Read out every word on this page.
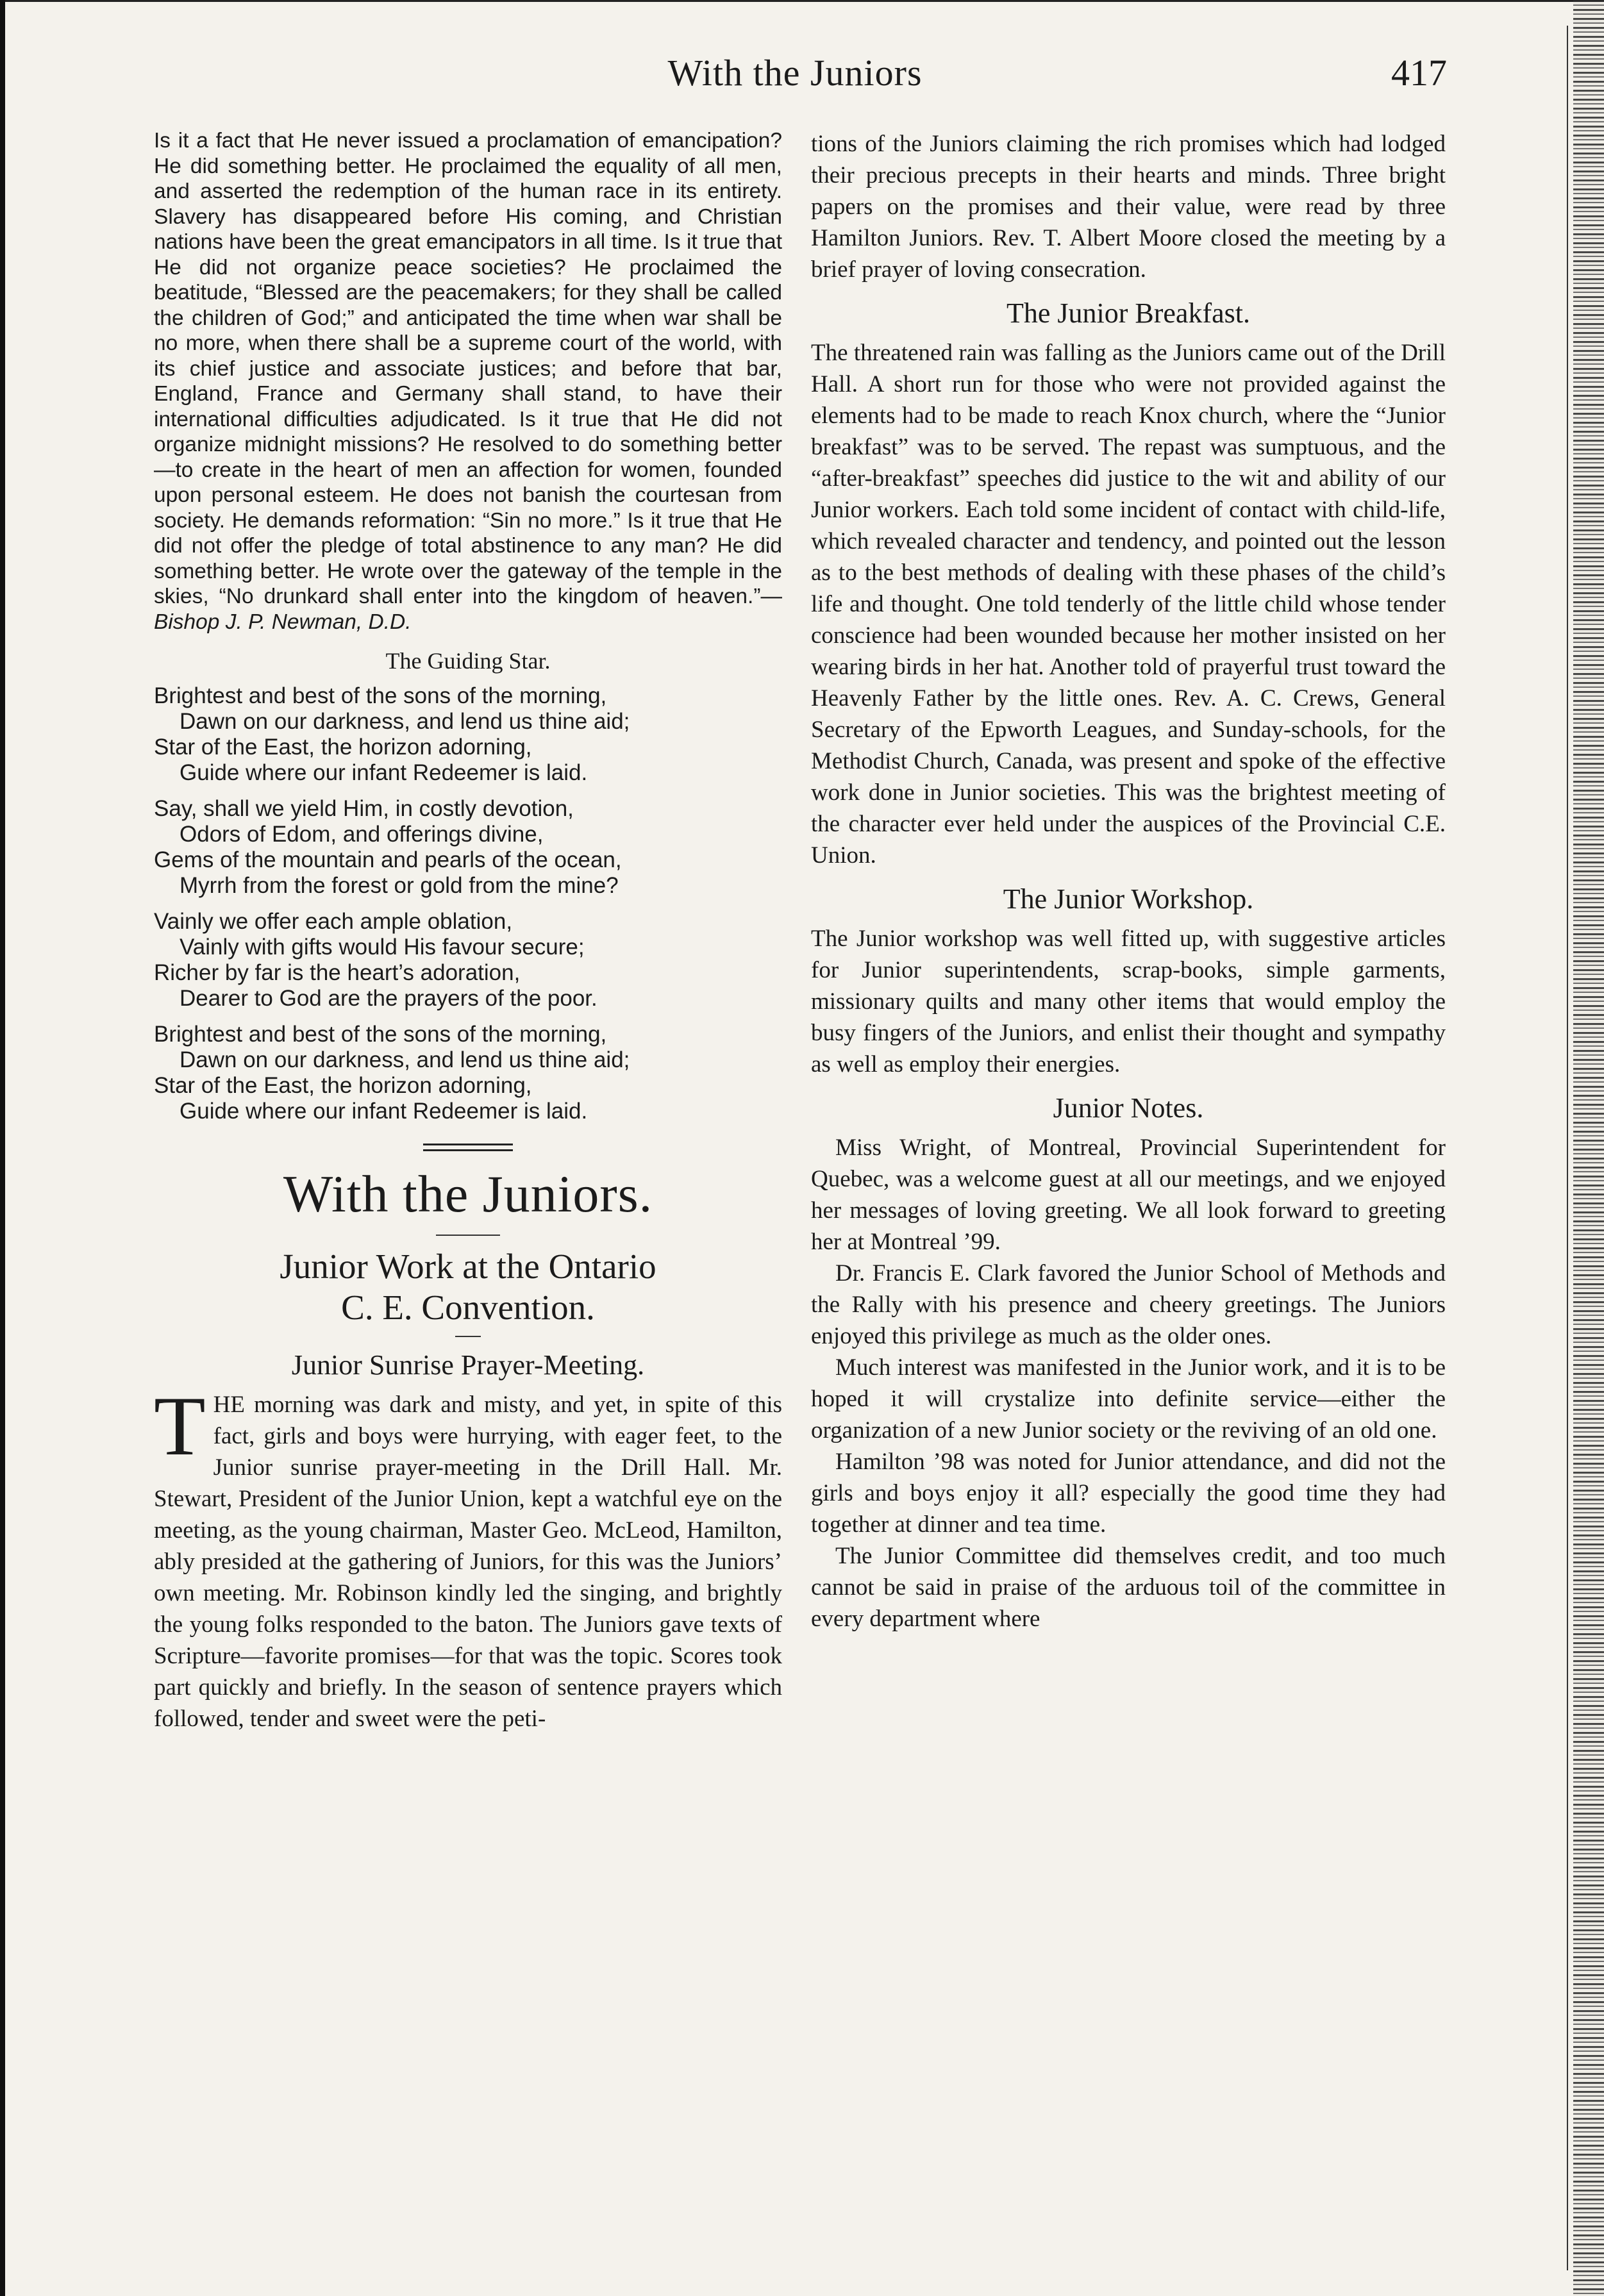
With the Juniors	417

Is it a fact that He never issued a proclamation of emancipation? He did something better. He proclaimed the equality of all men, and asserted the redemption of the human race in its entirety. Slavery has disappeared before His coming, and Christian nations have been the great emancipators in all time. Is it true that He did not organize peace societies? He proclaimed the beatitude, “Blessed are the peacemakers; for they shall be called the children of God;” and anticipated the time when war shall be no more, when there shall be a supreme court of the world, with its chief justice and associate justices; and before that bar, England, France and Germany shall stand, to have their international difficulties adjudicated. Is it true that He did not organize midnight missions? He resolved to do something better—to create in the heart of men an affection for women, founded upon personal esteem. He does not banish the courtesan from society. He demands reformation: “Sin no more.” Is it true that He did not offer the pledge of total abstinence to any man? He did something better. He wrote over the gateway of the temple in the skies, “No drunkard shall enter into the kingdom of heaven.”—Bishop J. P. Newman, D.D.

The Guiding Star.
Brightest and best of the sons of the morning,
Dawn on our darkness, and lend us thine aid;
Star of the East, the horizon adorning,
Guide where our infant Redeemer is laid.
Say, shall we yield Him, in costly devotion,
Odors of Edom, and offerings divine,
Gems of the mountain and pearls of the ocean,
Myrrh from the forest or gold from the mine?
Vainly we offer each ample oblation,
Vainly with gifts would His favour secure;
Richer by far is the heart’s adoration,
Dearer to God are the prayers of the poor.
Brightest and best of the sons of the morning,
Dawn on our darkness, and lend us thine aid;
Star of the East, the horizon adorning,
Guide where our infant Redeemer is laid.
With the Juniors.
Junior Work at the Ontario
C. E. Convention.
Junior Sunrise Prayer-Meeting.
T HE morning was dark and misty, and yet, in spite of this fact, girls and boys were hurrying, with eager feet, to the Junior sunrise prayer-meeting in the Drill Hall. Mr. Stewart, President of the Junior Union, kept a watchful eye on the meeting, as the young chairman, Master Geo. McLeod, Hamilton, ably presided at the gathering of Juniors, for this was the Juniors’ own meeting. Mr. Robinson kindly led the singing, and brightly the young folks responded to the baton. The Juniors gave texts of Scripture—favorite promises—for that was the topic. Scores took part quickly and briefly. In the season of sentence prayers which followed, tender and sweet were the peti-

tions of the Juniors claiming the rich promises which had lodged their precious precepts in their hearts and minds. Three bright papers on the promises and their value, were read by three Hamilton Juniors. Rev. T. Albert Moore closed the meeting by a brief prayer of loving consecration.

The Junior Breakfast.

The threatened rain was falling as the Juniors came out of the Drill Hall. A short run for those who were not provided against the elements had to be made to reach Knox church, where the “Junior breakfast” was to be served. The repast was sumptuous, and the “after-breakfast” speeches did justice to the wit and ability of our Junior workers. Each told some incident of contact with child-life, which revealed character and tendency, and pointed out the lesson as to the best methods of dealing with these phases of the child’s life and thought. One told tenderly of the little child whose tender conscience had been wounded because her mother insisted on her wearing birds in her hat. Another told of prayerful trust toward the Heavenly Father by the little ones. Rev. A. C. Crews, General Secretary of the Epworth Leagues, and Sunday-schools, for the Methodist Church, Canada, was present and spoke of the effective work done in Junior societies. This was the brightest meeting of the character ever held under the auspices of the Provincial C.E. Union.

The Junior Workshop.

The Junior workshop was well fitted up, with suggestive articles for Junior superintendents, scrap-books, simple garments, missionary quilts and many other items that would employ the busy fingers of the Juniors, and enlist their thought and sympathy as well as employ their energies.

Junior Notes.

Miss Wright, of Montreal, Provincial Superintendent for Quebec, was a welcome guest at all our meetings, and we enjoyed her messages of loving greeting. We all look forward to greeting her at Montreal ’99.

Dr. Francis E. Clark favored the Junior School of Methods and the Rally with his presence and cheery greetings. The Juniors enjoyed this privilege as much as the older ones.

Much interest was manifested in the Junior work, and it is to be hoped it will crystalize into definite service—either the organization of a new Junior society or the reviving of an old one.

Hamilton ’98 was noted for Junior attendance, and did not the girls and boys enjoy it all? especially the good time they had together at dinner and tea time.

The Junior Committee did themselves credit, and too much cannot be said in praise of the arduous toil of the committee in every department where
